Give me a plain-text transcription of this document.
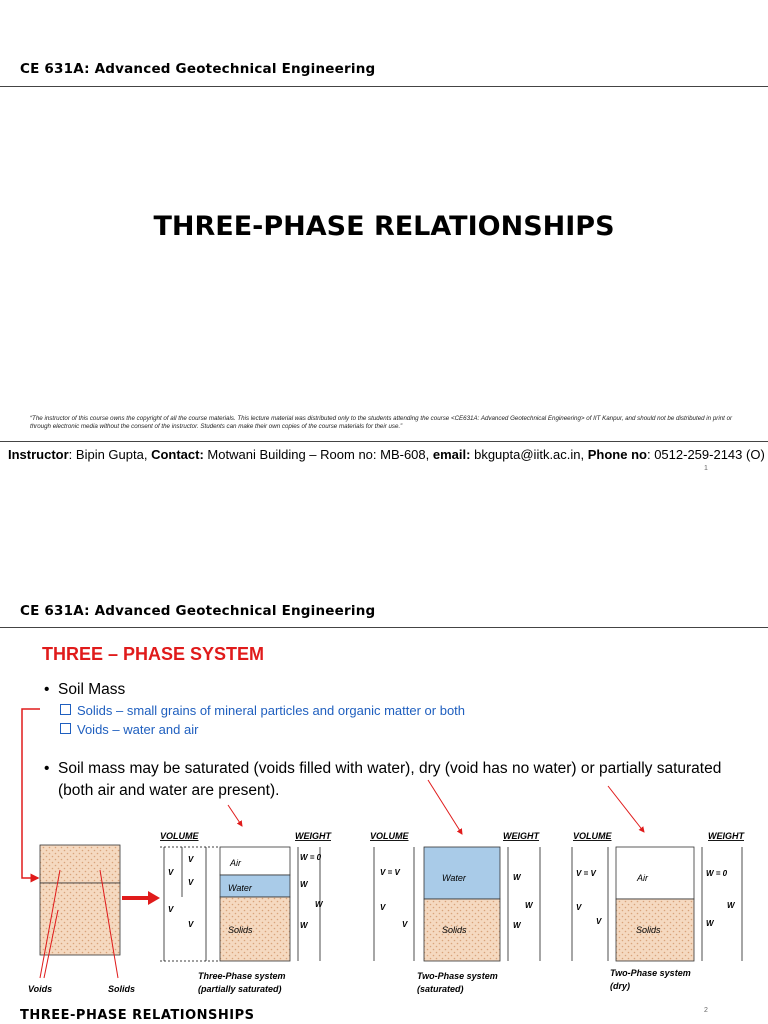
CE 631A: Advanced Geotechnical Engineering
THREE-PHASE RELATIONSHIPS
“The instructor of this course owns the copyright of all the course materials. This lecture material was distributed only to the students attending the course <CE631A: Advanced Geotechnical Engineering> of IIT Kanpur, and should not be distributed in print or through electronic media without the consent of the instructor. Students can make their own copies of the course materials for their use.”
Instructor: Bipin Gupta, Contact: Motwani Building – Room no: MB-608, email: bkgupta@iitk.ac.in, Phone no: 0512-259-2143 (O)
1
CE 631A: Advanced Geotechnical Engineering
THREE – PHASE SYSTEM
•  Soil Mass
Solids – small grains of mineral particles and organic matter or both
Voids – water and air
• Soil mass may be saturated (voids filled with water), dry (void has no water) or partially saturated (both air and water are present).
Voids	Solids
VOLUME	WEIGHT
Air
Water
Solids
V
V
V
V
V
W = 0
W
W
W
Three-Phase system
(partially saturated)
VOLUME	WEIGHT
Water
Solids
V = V
V
V
W
W
W
Two-Phase system
(saturated)
VOLUME	WEIGHT
Air
Solids
V = V
V
V
W = 0
W
W
Two-Phase system
(dry)
2
THREE-PHASE RELATIONSHIPS
